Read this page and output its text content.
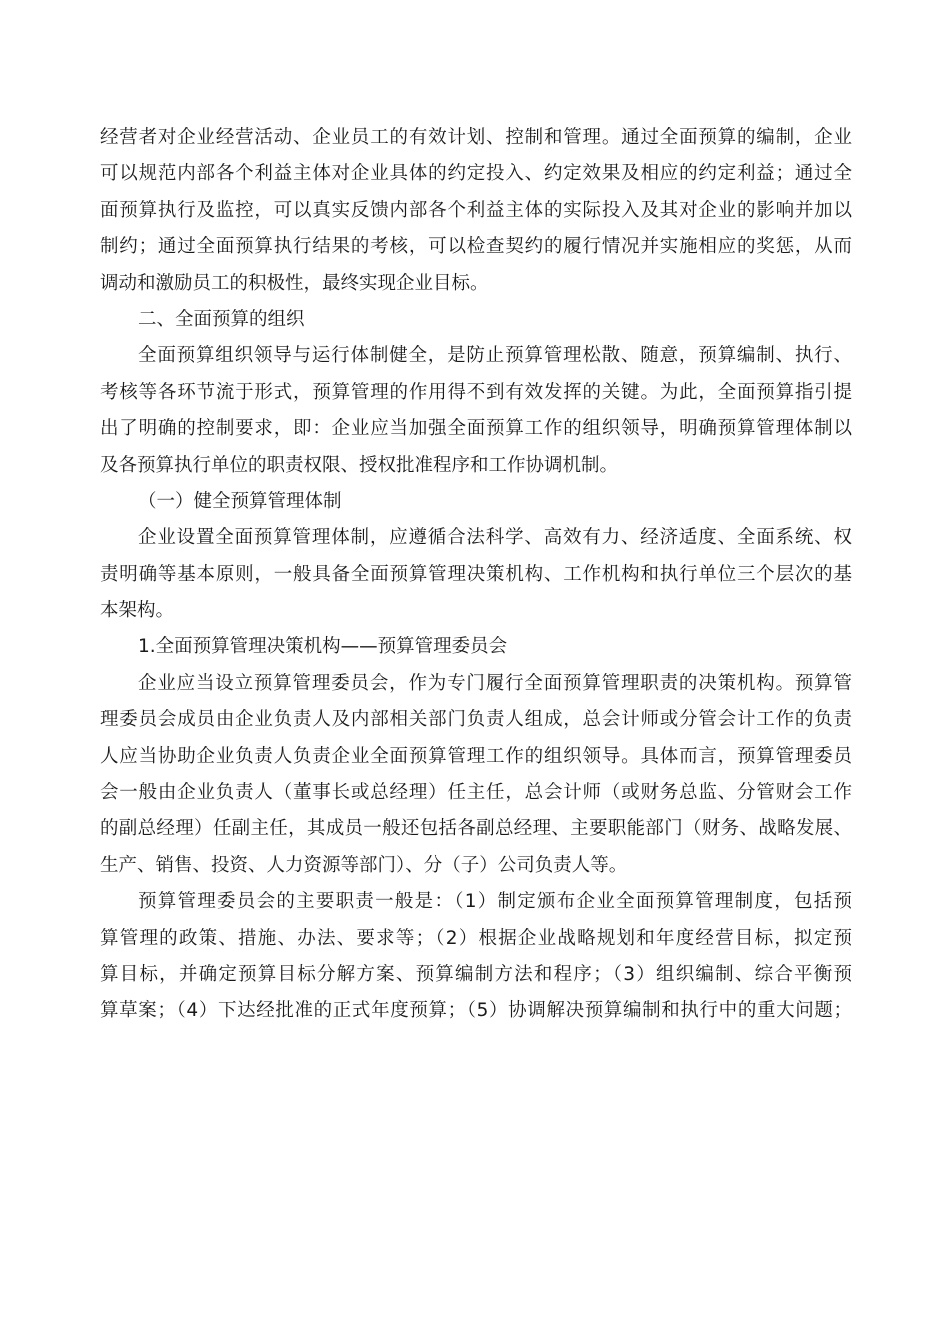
经营者对企业经营活动、企业员工的有效计划、控制和管理。通过全面预算的编制，企业
可以规范内部各个利益主体对企业具体的约定投入、约定效果及相应的约定利益；通过全
面预算执行及监控，可以真实反馈内部各个利益主体的实际投入及其对企业的影响并加以
制约；通过全面预算执行结果的考核，可以检查契约的履行情况并实施相应的奖惩，从而
调动和激励员工的积极性，最终实现企业目标。
二、全面预算的组织
全面预算组织领导与运行体制健全，是防止预算管理松散、随意，预算编制、执行、
考核等各环节流于形式，预算管理的作用得不到有效发挥的关键。为此，全面预算指引提
出了明确的控制要求，即：企业应当加强全面预算工作的组织领导，明确预算管理体制以
及各预算执行单位的职责权限、授权批准程序和工作协调机制。
（一）健全预算管理体制
企业设置全面预算管理体制，应遵循合法科学、高效有力、经济适度、全面系统、权
责明确等基本原则，一般具备全面预算管理决策机构、工作机构和执行单位三个层次的基
本架构。
1.全面预算管理决策机构——预算管理委员会
企业应当设立预算管理委员会，作为专门履行全面预算管理职责的决策机构。预算管
理委员会成员由企业负责人及内部相关部门负责人组成，总会计师或分管会计工作的负责
人应当协助企业负责人负责企业全面预算管理工作的组织领导。具体而言，预算管理委员
会一般由企业负责人（董事长或总经理）任主任，总会计师（或财务总监、分管财会工作
的副总经理）任副主任，其成员一般还包括各副总经理、主要职能部门（财务、战略发展、
生产、销售、投资、人力资源等部门）、分（子）公司负责人等。
预算管理委员会的主要职责一般是：（1）制定颁布企业全面预算管理制度，包括预
算管理的政策、措施、办法、要求等；（2）根据企业战略规划和年度经营目标，拟定预
算目标，并确定预算目标分解方案、预算编制方法和程序；（3）组织编制、综合平衡预
算草案；（4）下达经批准的正式年度预算；（5）协调解决预算编制和执行中的重大问题；
